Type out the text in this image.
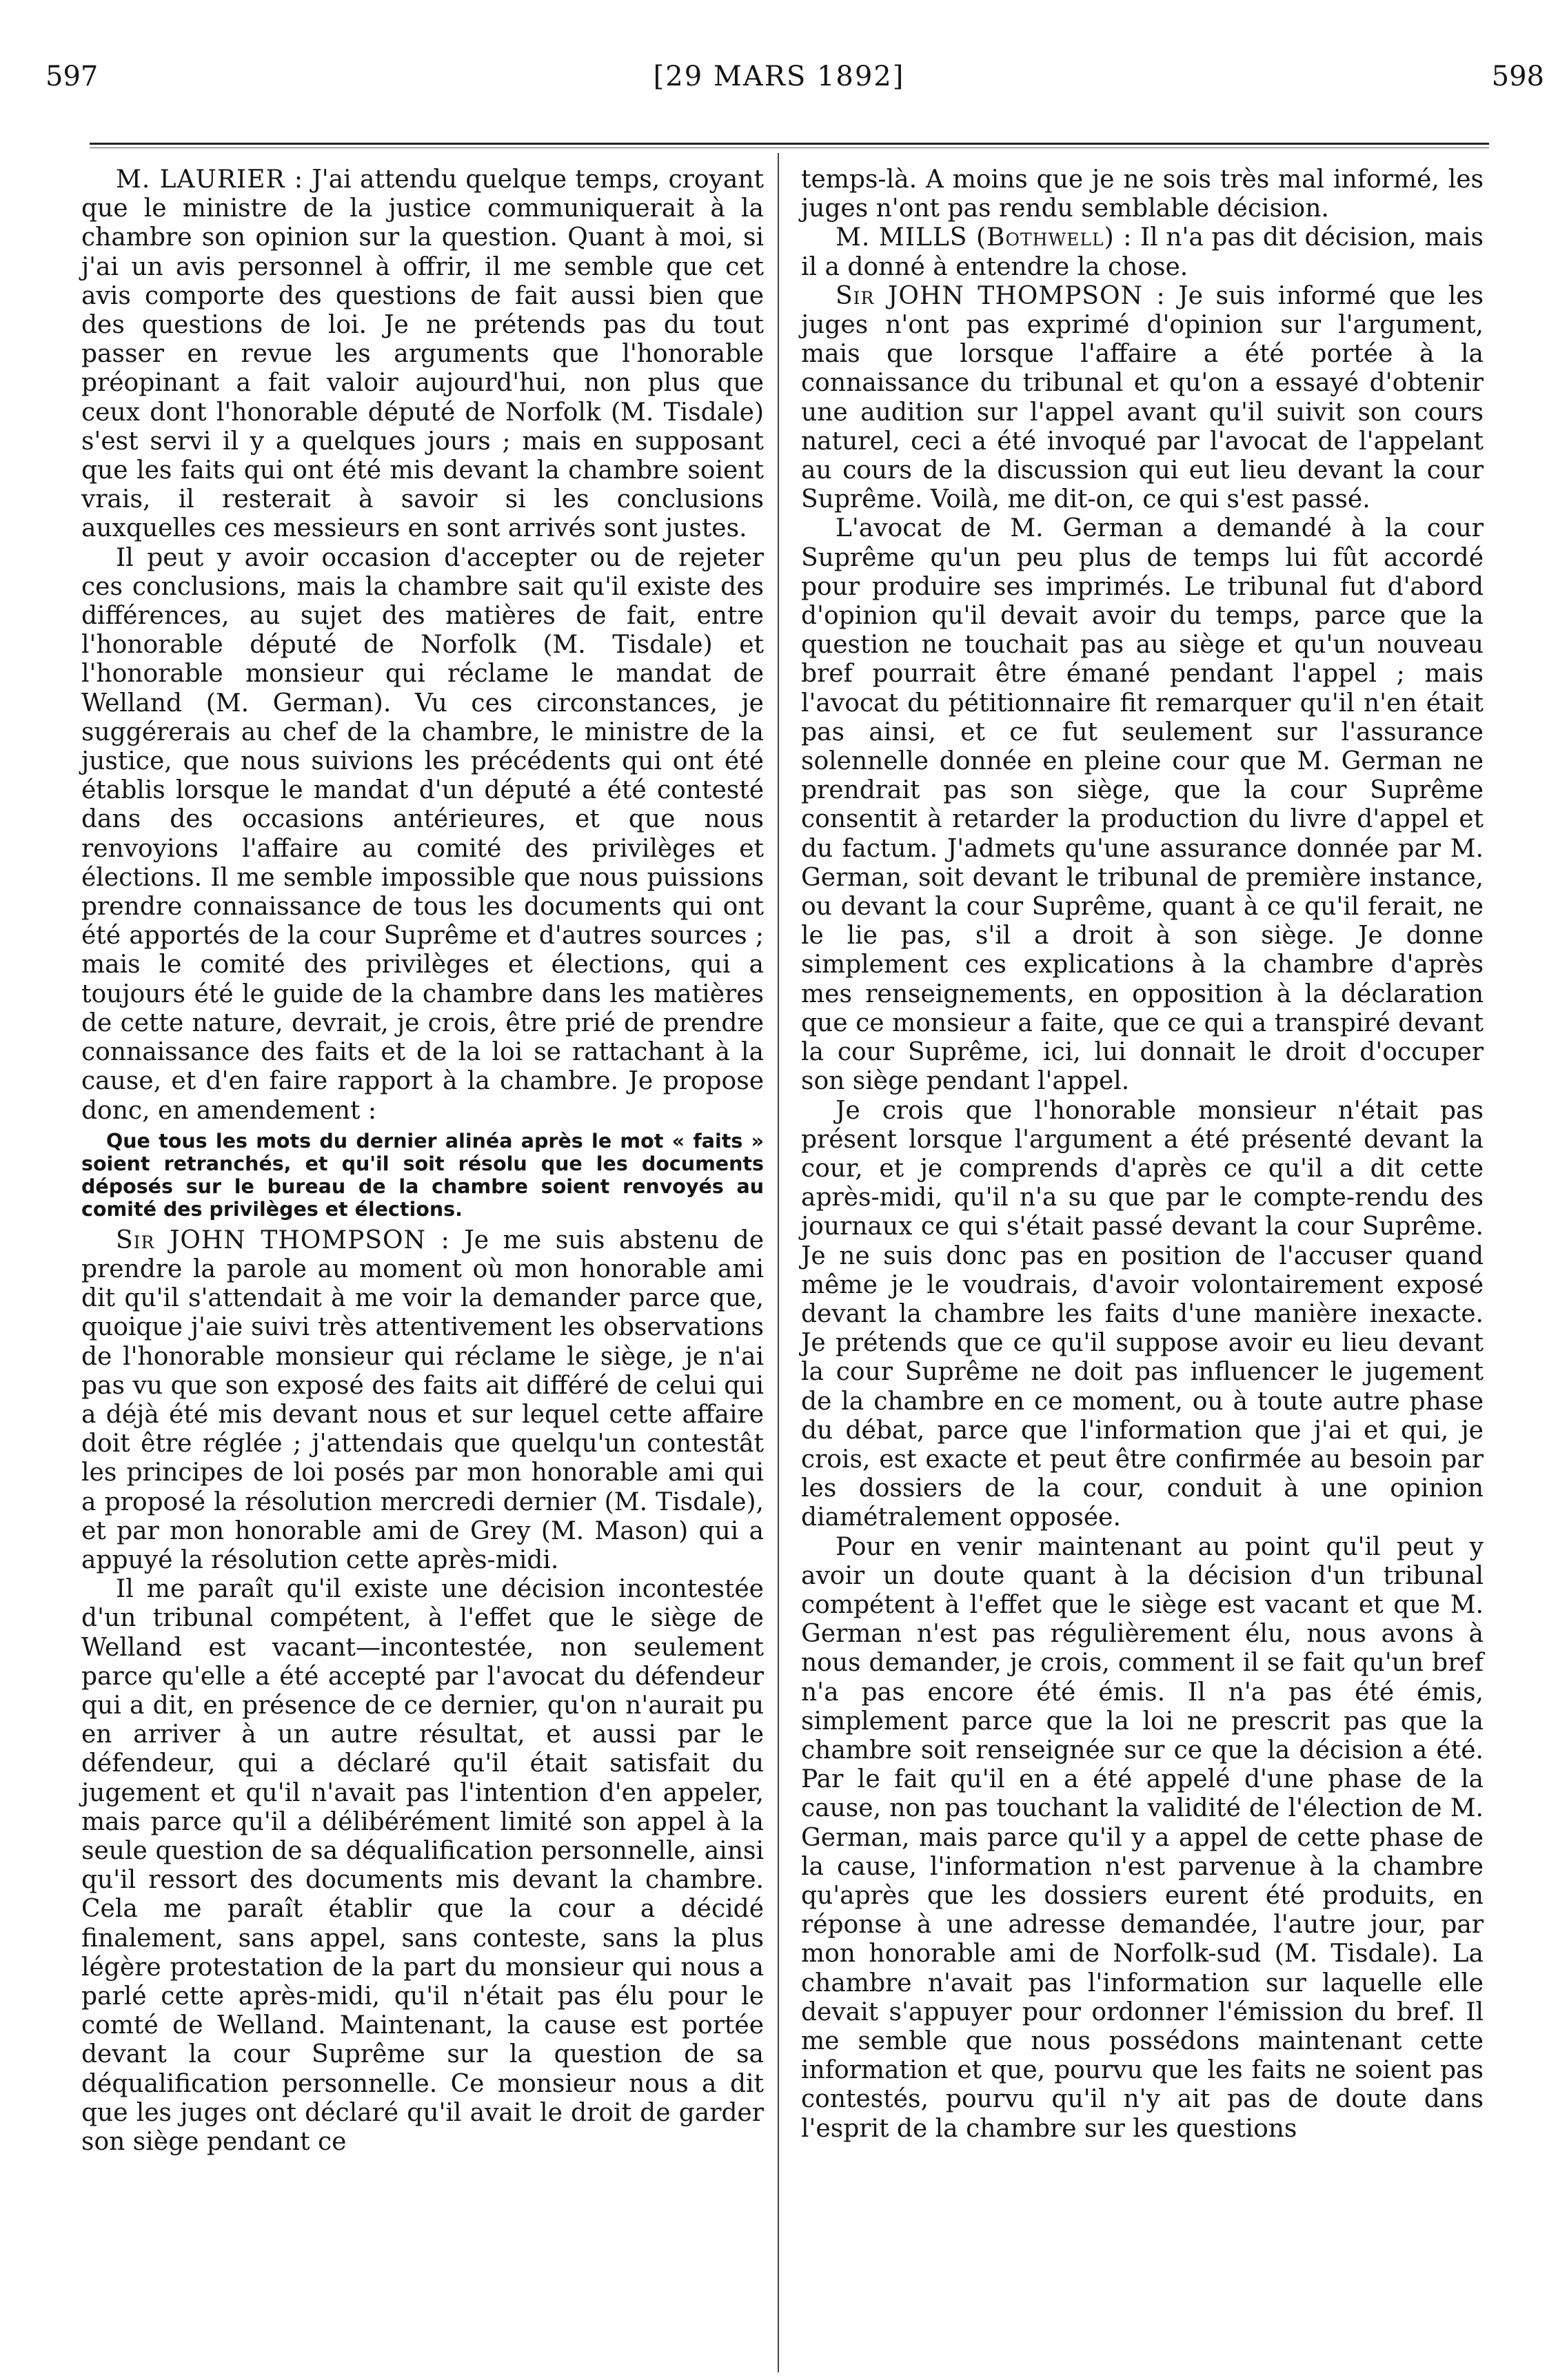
597	[29 MARS 1892]	598

M. LAURIER : J'ai attendu quelque temps, croyant que le ministre de la justice communiquerait à la chambre son opinion sur la question. Quant à moi, si j'ai un avis personnel à offrir, il me semble que cet avis comporte des questions de fait aussi bien que des questions de loi. Je ne prétends pas du tout passer en revue les arguments que l'honorable préopinant a fait valoir aujourd'hui, non plus que ceux dont l'honorable député de Norfolk (M. Tisdale) s'est servi il y a quelques jours ; mais en supposant que les faits qui ont été mis devant la chambre soient vrais, il resterait à savoir si les conclusions auxquelles ces messieurs en sont arrivés sont justes.

Il peut y avoir occasion d'accepter ou de rejeter ces conclusions, mais la chambre sait qu'il existe des différences, au sujet des matières de fait, entre l'honorable député de Norfolk (M. Tisdale) et l'honorable monsieur qui réclame le mandat de Welland (M. German). Vu ces circonstances, je suggérerais au chef de la chambre, le ministre de la justice, que nous suivions les précédents qui ont été établis lorsque le mandat d'un député a été contesté dans des occasions antérieures, et que nous renvoyions l'affaire au comité des privilèges et élections. Il me semble impossible que nous puissions prendre connaissance de tous les documents qui ont été apportés de la cour Suprême et d'autres sources ; mais le comité des privilèges et élections, qui a toujours été le guide de la chambre dans les matières de cette nature, devrait, je crois, être prié de prendre connaissance des faits et de la loi se rattachant à la cause, et d'en faire rapport à la chambre. Je propose donc, en amendement :

Que tous les mots du dernier alinéa après le mot « faits » soient retranchés, et qu'il soit résolu que les documents déposés sur le bureau de la chambre soient renvoyés au comité des privilèges et élections.

Sir JOHN THOMPSON : Je me suis abstenu de prendre la parole au moment où mon honorable ami dit qu'il s'attendait à me voir la demander parce que, quoique j'aie suivi très attentivement les observations de l'honorable monsieur qui réclame le siège, je n'ai pas vu que son exposé des faits ait différé de celui qui a déjà été mis devant nous et sur lequel cette affaire doit être réglée ; j'attendais que quelqu'un contestât les principes de loi posés par mon honorable ami qui a proposé la résolution mercredi dernier (M. Tisdale), et par mon honorable ami de Grey (M. Mason) qui a appuyé la résolution cette après-midi.

Il me paraît qu'il existe une décision incontestée d'un tribunal compétent, à l'effet que le siège de Welland est vacant—incontestée, non seulement parce qu'elle a été accepté par l'avocat du défendeur qui a dit, en présence de ce dernier, qu'on n'aurait pu en arriver à un autre résultat, et aussi par le défendeur, qui a déclaré qu'il était satisfait du jugement et qu'il n'avait pas l'intention d'en appeler, mais parce qu'il a délibérément limité son appel à la seule question de sa déqualification personnelle, ainsi qu'il ressort des documents mis devant la chambre. Cela me paraît établir que la cour a décidé finalement, sans appel, sans conteste, sans la plus légère protestation de la part du monsieur qui nous a parlé cette après-midi, qu'il n'était pas élu pour le comté de Welland. Maintenant, la cause est portée devant la cour Suprême sur la question de sa déqualification personnelle. Ce monsieur nous a dit que les juges ont déclaré qu'il avait le droit de garder son siège pendant ce

temps-là. A moins que je ne sois très mal informé, les juges n'ont pas rendu semblable décision.

M. MILLS (Bothwell) : Il n'a pas dit décision, mais il a donné à entendre la chose.

Sir JOHN THOMPSON : Je suis informé que les juges n'ont pas exprimé d'opinion sur l'argument, mais que lorsque l'affaire a été portée à la connaissance du tribunal et qu'on a essayé d'obtenir une audition sur l'appel avant qu'il suivit son cours naturel, ceci a été invoqué par l'avocat de l'appelant au cours de la discussion qui eut lieu devant la cour Suprême. Voilà, me dit-on, ce qui s'est passé.

L'avocat de M. German a demandé à la cour Suprême qu'un peu plus de temps lui fût accordé pour produire ses imprimés. Le tribunal fut d'abord d'opinion qu'il devait avoir du temps, parce que la question ne touchait pas au siège et qu'un nouveau bref pourrait être émané pendant l'appel ; mais l'avocat du pétitionnaire fit remarquer qu'il n'en était pas ainsi, et ce fut seulement sur l'assurance solennelle donnée en pleine cour que M. German ne prendrait pas son siège, que la cour Suprême consentit à retarder la production du livre d'appel et du factum. J'admets qu'une assurance donnée par M. German, soit devant le tribunal de première instance, ou devant la cour Suprême, quant à ce qu'il ferait, ne le lie pas, s'il a droit à son siège. Je donne simplement ces explications à la chambre d'après mes renseignements, en opposition à la déclaration que ce monsieur a faite, que ce qui a transpiré devant la cour Suprême, ici, lui donnait le droit d'occuper son siège pendant l'appel.

Je crois que l'honorable monsieur n'était pas présent lorsque l'argument a été présenté devant la cour, et je comprends d'après ce qu'il a dit cette après-midi, qu'il n'a su que par le compte-rendu des journaux ce qui s'était passé devant la cour Suprême. Je ne suis donc pas en position de l'accuser quand même je le voudrais, d'avoir volontairement exposé devant la chambre les faits d'une manière inexacte. Je prétends que ce qu'il suppose avoir eu lieu devant la cour Suprême ne doit pas influencer le jugement de la chambre en ce moment, ou à toute autre phase du débat, parce que l'information que j'ai et qui, je crois, est exacte et peut être confirmée au besoin par les dossiers de la cour, conduit à une opinion diamétralement opposée.

Pour en venir maintenant au point qu'il peut y avoir un doute quant à la décision d'un tribunal compétent à l'effet que le siège est vacant et que M. German n'est pas régulièrement élu, nous avons à nous demander, je crois, comment il se fait qu'un bref n'a pas encore été émis. Il n'a pas été émis, simplement parce que la loi ne prescrit pas que la chambre soit renseignée sur ce que la décision a été. Par le fait qu'il en a été appelé d'une phase de la cause, non pas touchant la validité de l'élection de M. German, mais parce qu'il y a appel de cette phase de la cause, l'information n'est parvenue à la chambre qu'après que les dossiers eurent été produits, en réponse à une adresse demandée, l'autre jour, par mon honorable ami de Norfolk-sud (M. Tisdale). La chambre n'avait pas l'information sur laquelle elle devait s'appuyer pour ordonner l'émission du bref. Il me semble que nous possédons maintenant cette information et que, pourvu que les faits ne soient pas contestés, pourvu qu'il n'y ait pas de doute dans l'esprit de la chambre sur les questions
